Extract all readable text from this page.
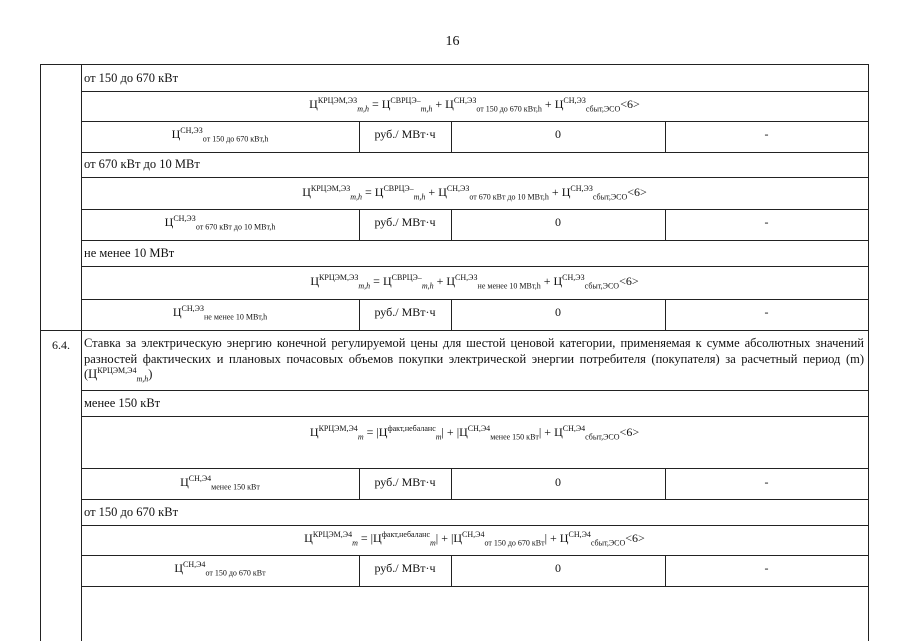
16
от 150 до 670 кВт
$Ц^{КРЦЭМ,ЭЗ}_{m,h} = Ц^{СВРЦЭ-}_{m,h} + Ц^{СН,ЭЗ}_{от 150 до 670 кВт,h} + Ц^{СН,ЭЗ}_{сбыт,ЭСО}<6>$
$Ц^{СН,ЭЗ}_{от 150 до 670 кВт,h}$	руб./ МВт·ч	0	-
от 670 кВт до 10 МВт
$Ц^{КРЦЭМ,ЭЗ}_{m,h} = Ц^{СВРЦЭ-}_{m,h} + Ц^{СН,ЭЗ}_{от 670 кВт до 10 МВт,h} + Ц^{СН,ЭЗ}_{сбыт,ЭСО}<6>$
$Ц^{СН,ЭЗ}_{от 670 кВт до 10 МВт,h}$	руб./ МВт·ч	0	-
не менее 10 МВт
$Ц^{КРЦЭМ,ЭЗ}_{m,h} = Ц^{СВРЦЭ-}_{m,h} + Ц^{СН,ЭЗ}_{не менее 10 МВт,h} + Ц^{СН,ЭЗ}_{сбыт,ЭСО}<6>$
$Ц^{СН,ЭЗ}_{не менее 10 МВт,h}$	руб./ МВт·ч	0	-
6.4.	Ставка за электрическую энергию конечной регулируемой цены для шестой ценовой категории, применяемая к сумме абсолютных значений разностей фактических и плановых почасовых объемов покупки электрической энергии потребителя (покупателя) за расчетный период (m) $(Ц^{КРЦЭМ,Э4}_{m,h})$
менее 150 кВт
$Ц^{КРЦЭМ,Э4}_m = |Ц^{факт,небаланс}_m| + |Ц^{СН,Э4}_{менее 150 кВт}| + Ц^{СН,Э4}_{сбыт,ЭСО}<6>$
$Ц^{СН,Э4}_{менее 150 кВт}$	руб./ МВт·ч	0	-
от 150 до 670 кВт
$Ц^{КРЦЭМ,Э4}_m = |Ц^{факт,небаланс}_m| + |Ц^{СН,Э4}_{от 150 до 670 кВт}| + Ц^{СН,Э4}_{сбыт,ЭСО}<6>$
$Ц^{СН,Э4}_{от 150 до 670 кВт}$	руб./ МВт·ч	0	-
